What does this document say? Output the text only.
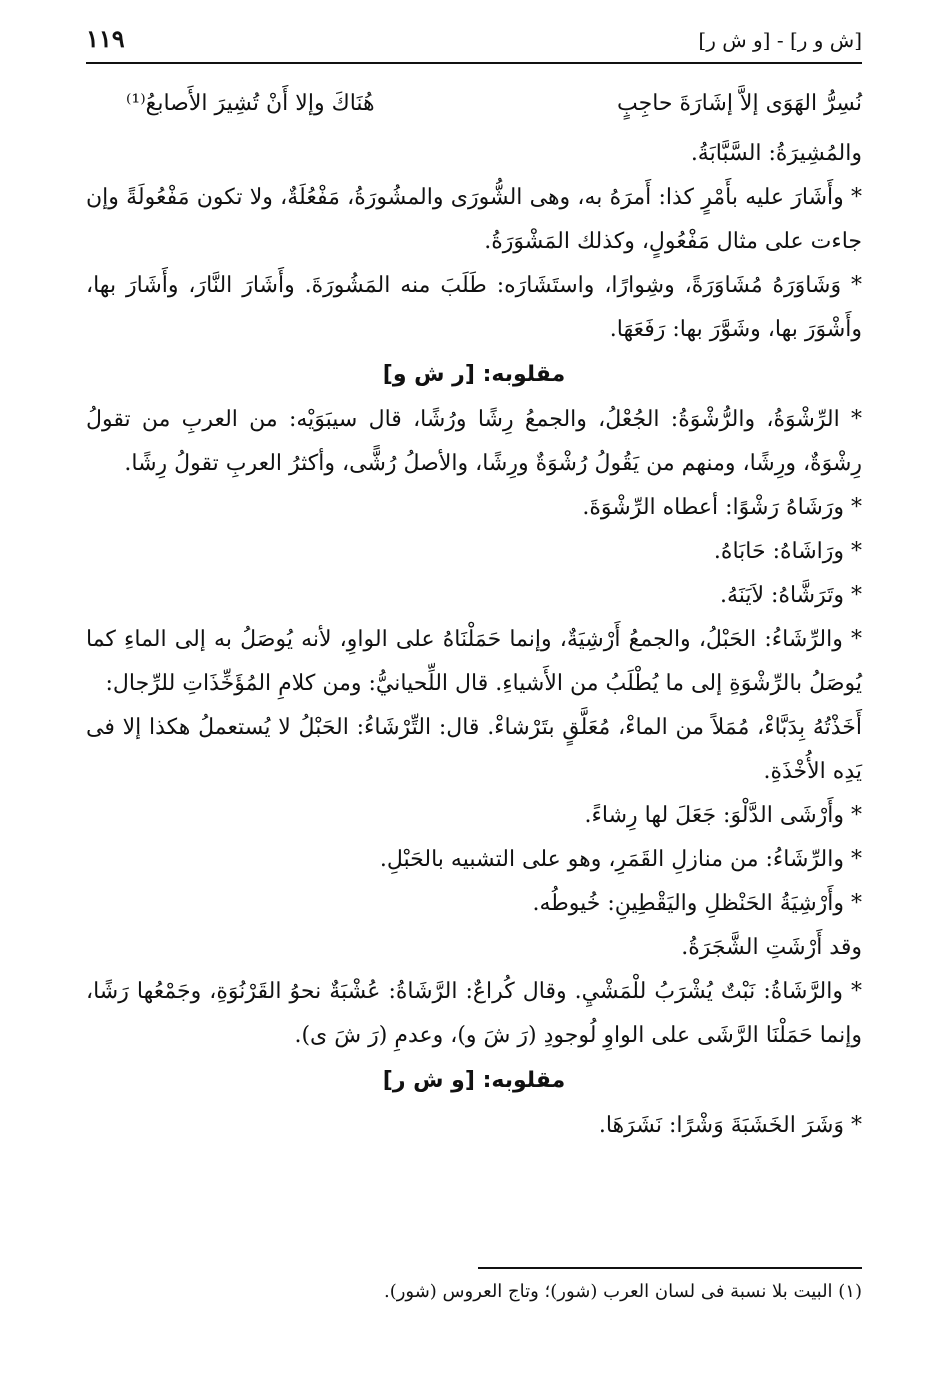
[ش و ر] - [و ش ر]
١١٩
نُسِرُّ الهَوَى إلاَّ إشَارَةَ حاجِبٍ
هُنَاكَ وإلا أَنْ تُشِيرَ الأَصابعُ⁽¹⁾

والمُشِيرَةُ: السَّبَّابَةُ.

* وأَشَارَ عليه بأَمْرٍ كذا: أَمرَهُ به، وهى الشُّورَى والمشُورَةُ، مَفْعُلَةٌ، ولا تكون مَفْعُولَةً وإن جاءت على مثال مَفْعُولٍ، وكذلك المَشْوَرَةُ.

* وَشَاوَرَهُ مُشَاوَرَةً، وشِوارًا، واستَشَارَه: طَلَبَ منه المَشُورَةَ. وأَشَارَ النَّارَ، وأَشَارَ بها، وأَشْوَرَ بها، وشَوَّرَ بها: رَفَعَهَا.

مقلوبه: [ر ش و]

* الرِّشْوَةُ، والرُّشْوَةُ: الجُعْلُ، والجمعُ رِشًا ورُشًا، قال سيبَوَيْه: من العربِ من تقولُ رِشْوَةٌ، ورِشًا، ومنهم من يَقُولُ رُشْوَةٌ ورِشًا، والأصلُ رُشًّى، وأكثرُ العربِ تقولُ رِشًا.

* ورَشَاهُ رَشْوًا: أعطاه الرِّشْوَةَ.

* ورَاشَاهُ: حَابَاهُ.

* وتَرَشَّاهُ: لاَيَنَهُ.

* والرِّشَاءُ: الحَبْلُ، والجمعُ أَرْشِيَةٌ، وإنما حَمَلْنَاهُ على الواوِ، لأنه يُوصَلُ به إلى الماءِ كما يُوصَلُ بالرِّشْوَةِ إلى ما يُطْلَبُ من الأَشياءِ. قال اللِّحيانيُّ: ومن كلامِ المُؤَخِّذَاتِ للرِّجال:

أَخَذْتُهُ بِدَبَّاءْ، مُمَلاً من الماءْ، مُعَلَّقٍ بتَرْشاءْ. قال: التِّرْشَاءُ: الحَبْلُ لا يُستعملُ هكذا إلا فى يَدِه الأُخْذَةِ.

* وأَرْشَى الدَّلْوَ: جَعَلَ لها رِشاءً.

* والرِّشَاءُ: من منازلِ القَمَرِ، وهو على التشبيه بالحَبْلِ.

* وأَرْشِيَةُ الحَنْظلِ واليَقْطِينِ: خُيوطُه.

وقد أَرْشَتِ الشَّجَرَةُ.

* والرَّشَاةُ: نَبْتٌ يُشْرَبُ للْمَشْيِ. وقال كُراعٌ: الرَّشَاةُ: عُشْبَةٌ نحوُ القَرْنُوَةِ، وجَمْعُها رَشًا، وإنما حَمَلْنَا الرَّشَى على الواوِ لُوجودِ (رَ شَ و)، وعدمِ (رَ شَ ى).

مقلوبه: [و ش ر]

* وَشَرَ الخَشَبَةَ وَشْرًا: نَشَرَهَا.

(١) البيت بلا نسبة فى لسان العرب (شور)؛ وتاج العروس (شور).
